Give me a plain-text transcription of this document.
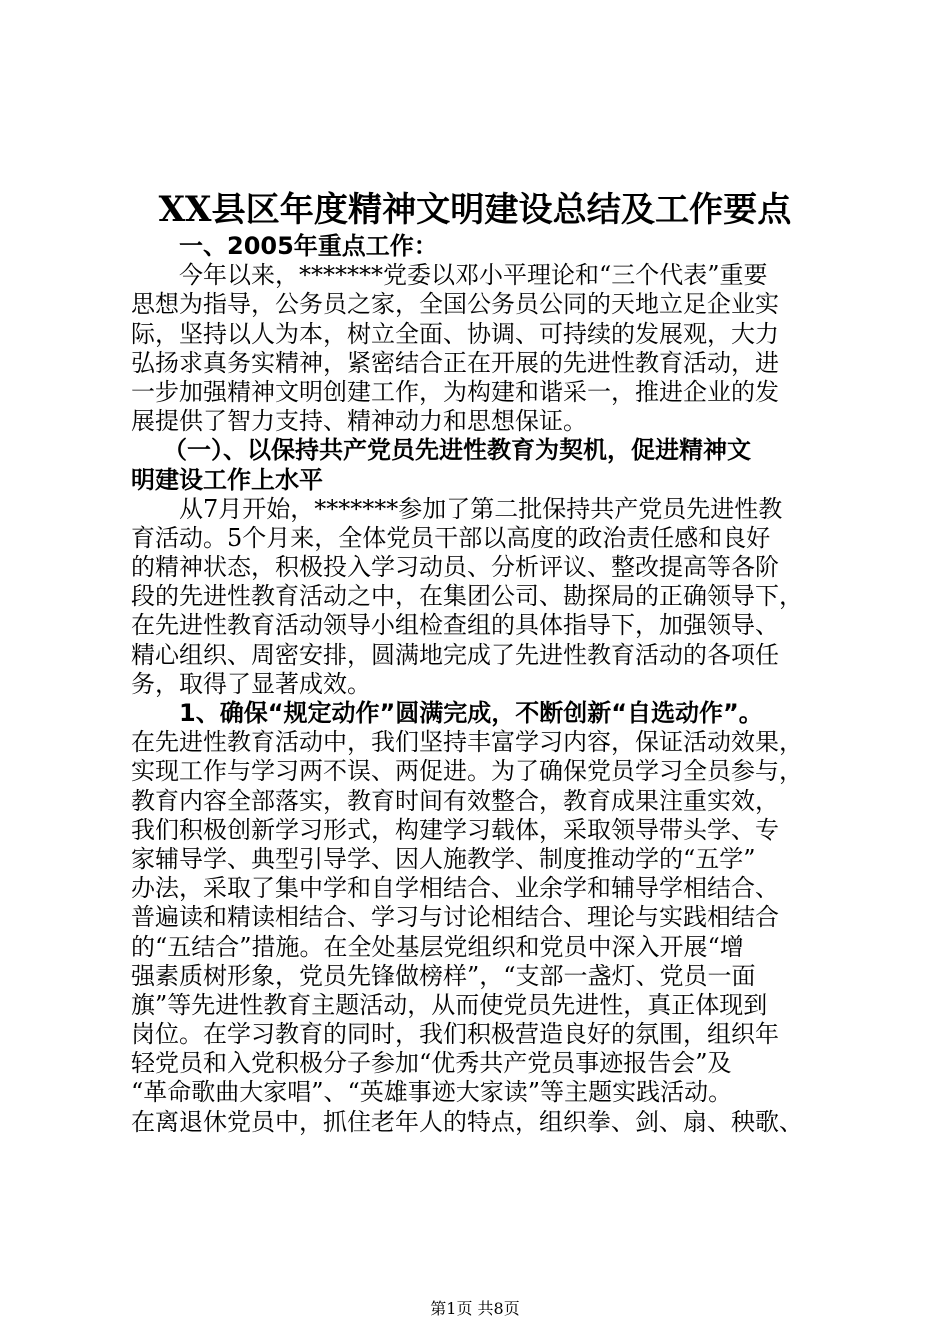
XX县区年度精神文明建设总结及工作要点
一、2005年重点工作：
今年以来，*******党委以邓小平理论和“三个代表”重要
思想为指导，公务员之家，全国公务员公同的天地立足企业实
际，坚持以人为本，树立全面、协调、可持续的发展观，大力
弘扬求真务实精神，紧密结合正在开展的先进性教育活动，进
一步加强精神文明创建工作，为构建和谐采一，推进企业的发
展提供了智力支持、精神动力和思想保证。
（一）、以保持共产党员先进性教育为契机，促进精神文
明建设工作上水平
从7月开始，*******参加了第二批保持共产党员先进性教
育活动。5个月来，全体党员干部以高度的政治责任感和良好
的精神状态，积极投入学习动员、分析评议、整改提高等各阶
段的先进性教育活动之中，在集团公司、勘探局的正确领导下，
在先进性教育活动领导小组检查组的具体指导下，加强领导、
精心组织、周密安排，圆满地完成了先进性教育活动的各项任
务，取得了显著成效。
1、确保“规定动作”圆满完成，不断创新“自选动作”。
在先进性教育活动中，我们坚持丰富学习内容，保证活动效果，
实现工作与学习两不误、两促进。为了确保党员学习全员参与，
教育内容全部落实，教育时间有效整合，教育成果注重实效，
我们积极创新学习形式，构建学习载体，采取领导带头学、专
家辅导学、典型引导学、因人施教学、制度推动学的“五学”
办法，采取了集中学和自学相结合、业余学和辅导学相结合、
普遍读和精读相结合、学习与讨论相结合、理论与实践相结合
的“五结合”措施。在全处基层党组织和党员中深入开展“增
强素质树形象，党员先锋做榜样”，“支部一盏灯、党员一面
旗”等先进性教育主题活动，从而使党员先进性，真正体现到
岗位。在学习教育的同时，我们积极营造良好的氛围，组织年
轻党员和入党积极分子参加“优秀共产党员事迹报告会”及
“革命歌曲大家唱”、“英雄事迹大家读”等主题实践活动。
在离退休党员中，抓住老年人的特点，组织拳、剑、扇、秧歌、
第1页 共8页
